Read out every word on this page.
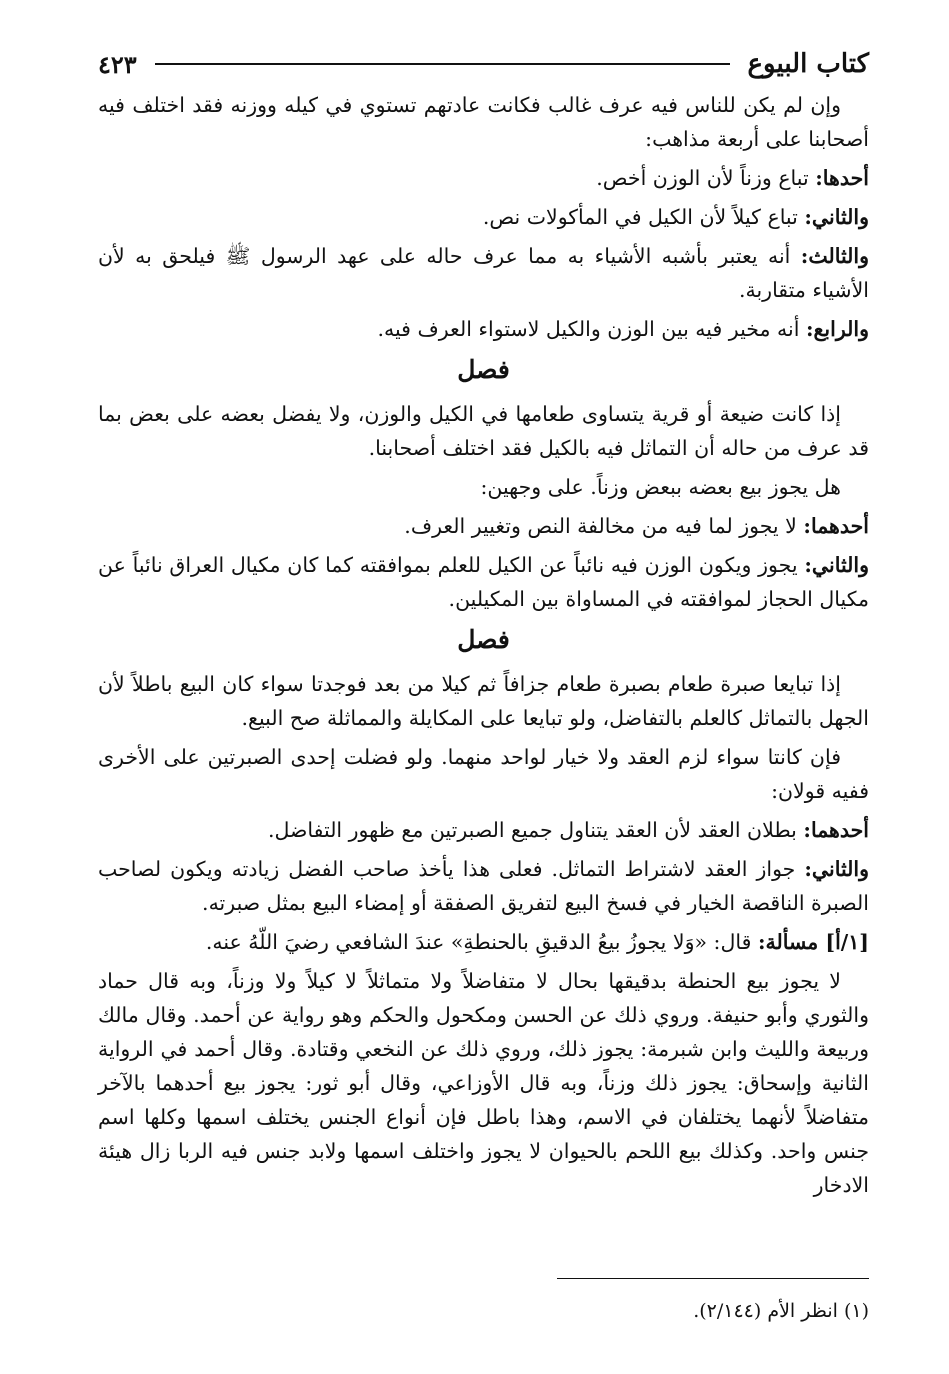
كتاب البيوع
٤٢٣

وإن لم يكن للناس فيه عرف غالب فكانت عادتهم تستوي في كيله ووزنه فقد اختلف فيه أصحابنا على أربعة مذاهب:

أحدها: تباع وزناً لأن الوزن أخص.

والثاني: تباع كيلاً لأن الكيل في المأكولات نص.

والثالث: أنه يعتبر بأشبه الأشياء به مما عرف حاله على عهد الرسول ﷺ فيلحق به لأن الأشياء متقاربة.

والرابع: أنه مخير فيه بين الوزن والكيل لاستواء العرف فيه.

فصل

إذا كانت ضيعة أو قرية يتساوى طعامها في الكيل والوزن، ولا يفضل بعضه على بعض بما قد عرف من حاله أن التماثل فيه بالكيل فقد اختلف أصحابنا.

هل يجوز بيع بعضه ببعض وزناً. على وجهين:

أحدهما: لا يجوز لما فيه من مخالفة النص وتغيير العرف.

والثاني: يجوز ويكون الوزن فيه نائباً عن الكيل للعلم بموافقته كما كان مكيال العراق نائباً عن مكيال الحجاز لموافقته في المساواة بين المكيلين.

فصل

إذا تبايعا صبرة طعام بصبرة طعام جزافاً ثم كيلا من بعد فوجدتا سواء كان البيع باطلاً لأن الجهل بالتماثل كالعلم بالتفاضل، ولو تبايعا على المكايلة والمماثلة صح البيع.

فإن كانتا سواء لزم العقد ولا خيار لواحد منهما. ولو فضلت إحدى الصبرتين على الأخرى ففيه قولان:

أحدهما: بطلان العقد لأن العقد يتناول جميع الصبرتين مع ظهور التفاضل.

والثاني: جواز العقد لاشتراط التماثل. فعلى هذا يأخذ صاحب الفضل زيادته ويكون لصاحب الصبرة الناقصة الخيار في فسخ البيع لتفريق الصفقة أو إمضاء البيع بمثل صبرته.

[١/أ] مسألة: قال: «وَلا يجوزُ بيعُ الدقيقِ بالحنطةِ» عندَ الشافعي رضيَ اللّهُ عنه.

لا يجوز بيع الحنطة بدقيقها بحال لا متفاضلاً ولا متماثلاً لا كيلاً ولا وزناً، وبه قال حماد والثوري وأبو حنيفة. وروي ذلك عن الحسن ومكحول والحكم وهو رواية عن أحمد. وقال مالك وربيعة والليث وابن شبرمة: يجوز ذلك، وروي ذلك عن النخعي وقتادة. وقال أحمد في الرواية الثانية وإسحاق: يجوز ذلك وزناً، وبه قال الأوزاعي، وقال أبو ثور: يجوز بيع أحدهما بالآخر متفاضلاً لأنهما يختلفان في الاسم، وهذا باطل فإن أنواع الجنس يختلف اسمها وكلها اسم جنس واحد. وكذلك بيع اللحم بالحيوان لا يجوز واختلف اسمها ولابد جنس فيه الربا زال هيئة الادخار

(١) انظر الأم (٢/١٤٤).
